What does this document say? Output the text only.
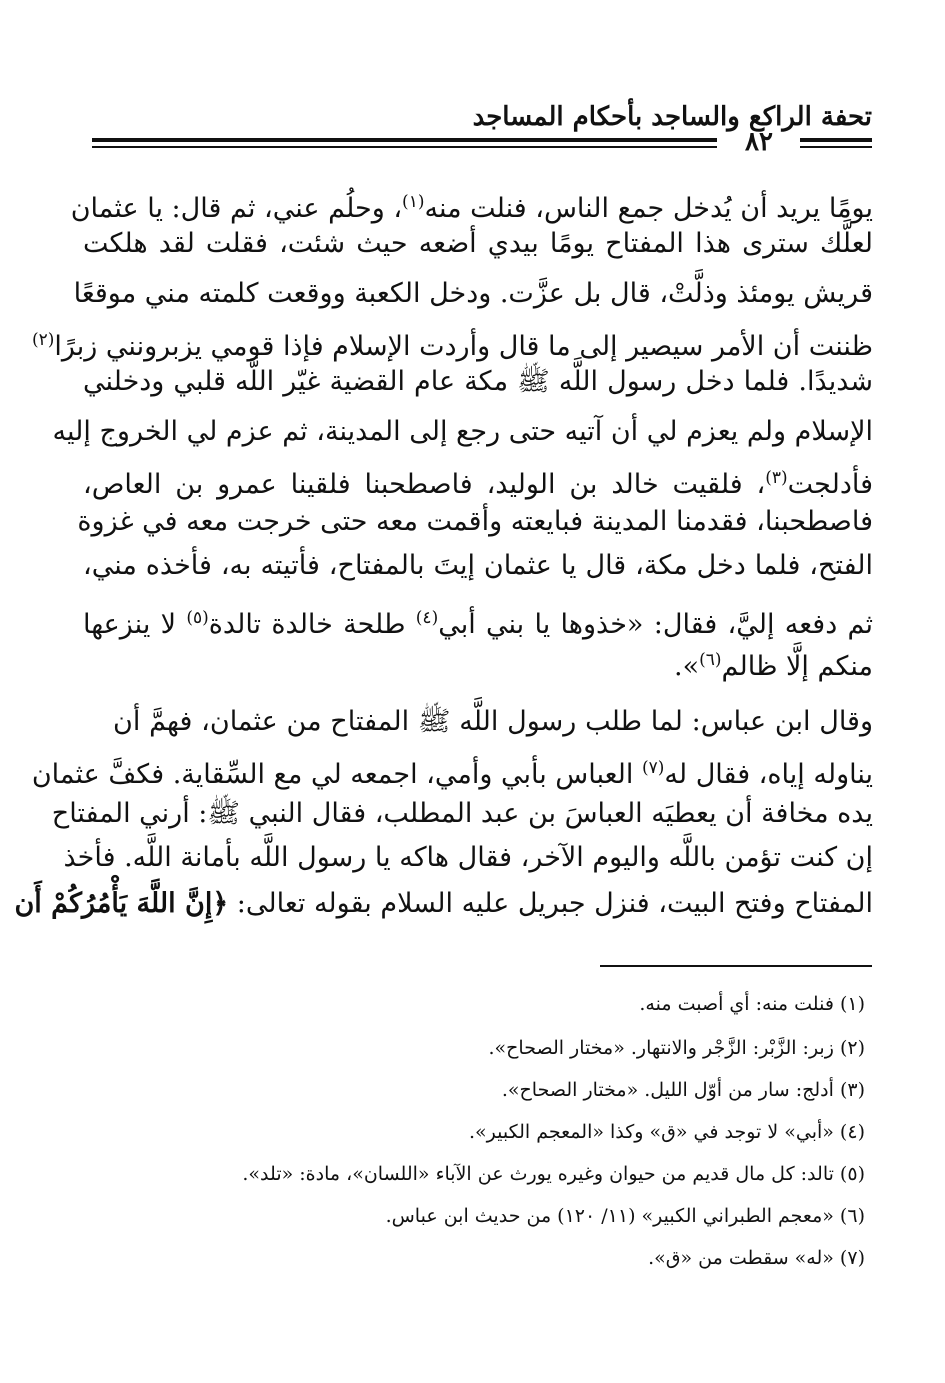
تحفة الراكع والساجد بأحكام المساجد
٨٢
يومًا يريد أن يُدخل جمع الناس، فنلت منه$^{(١)}$، وحلُم عني، ثم قال: يا عثمان
لعلَّك سترى هذا المفتاح يومًا بيدي أضعه حيث شئت، فقلت لقد هلكت
قريش يومئذ وذلَّتْ، قال بل عزَّت. ودخل الكعبة ووقعت كلمته مني موقعًا
ظننت أن الأمر سيصير إلى ما قال وأردت الإسلام فإذا قومي يزبرونني زبرًا$^{(٢)}$
شديدًا. فلما دخل رسول اللَّه ﷺ مكة عام القضية غيّر اللَّه قلبي ودخلني
الإسلام ولم يعزم لي أن آتيه حتى رجع إلى المدينة، ثم عزم لي الخروج إليه
فأدلجت$^{(٣)}$، فلقيت خالد بن الوليد، فاصطحبنا فلقينا عمرو بن العاص،
فاصطحبنا، فقدمنا المدينة فبايعته وأقمت معه حتى خرجت معه في غزوة
الفتح، فلما دخل مكة، قال يا عثمان إيتَ بالمفتاح، فأتيته به، فأخذه مني،
ثم دفعه إليَّ، فقال: «خذوها يا بني أبي$^{(٤)}$ طلحة خالدة تالدة$^{(٥)}$ لا ينزعها
منكم إلَّا ظالم$^{(٦)}$».
وقال ابن عباس: لما طلب رسول اللَّه ﷺ المفتاح من عثمان، فهمَّ أن
يناوله إياه، فقال له$^{(٧)}$ العباس بأبي وأمي، اجمعه لي مع السِّقاية. فكفَّ عثمان
يده مخافة أن يعطيَه العباسَ بن عبد المطلب، فقال النبي ﷺ: أرني المفتاح
إن كنت تؤمن باللَّه واليوم الآخر، فقال هاكه يا رسول اللَّه بأمانة اللَّه. فأخذ
المفتاح وفتح البيت، فنزل جبريل عليه السلام بقوله تعالى: ﴿إِنَّ اللَّهَ يَأْمُرُكُمْ أَن
(١) فنلت منه: أي أصبت منه.
(٢) زبر: الزَّبْر: الزَّجْر والانتهار. «مختار الصحاح».
(٣) أدلج: سار من أوّل الليل. «مختار الصحاح».
(٤) «أبي» لا توجد في «ق» وكذا «المعجم الكبير».
(٥) تالد: كل مال قديم من حيوان وغيره يورث عن الآباء «اللسان»، مادة: «تلد».
(٦) «معجم الطبراني الكبير» (١١/ ١٢٠) من حديث ابن عباس.
(٧) «له» سقطت من «ق».
